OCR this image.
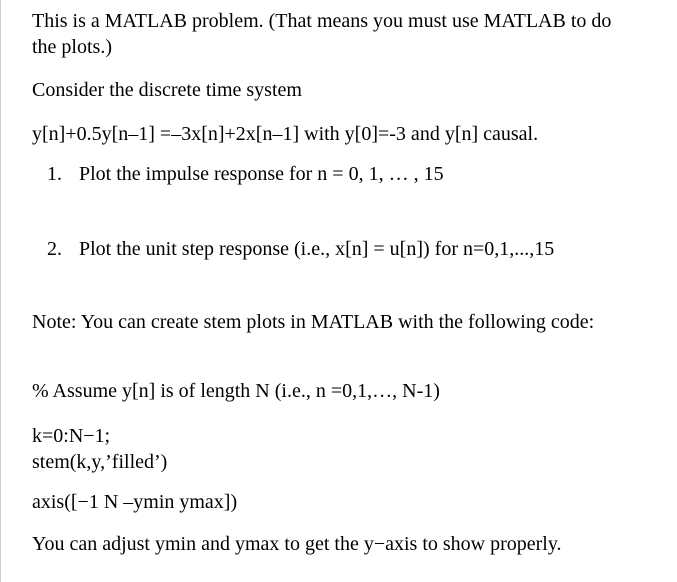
This is a MATLAB problem. (That means you must use MATLAB to do
the plots.)
Consider the discrete time system
y[n]+0.5y[n–1] =–3x[n]+2x[n–1] with y[0]=-3 and y[n] causal.
1. Plot the impulse response for n = 0, 1, … , 15
2. Plot the unit step response (i.e., x[n] = u[n]) for n=0,1,...,15
Note: You can create stem plots in MATLAB with the following code:
% Assume y[n] is of length N (i.e., n =0,1,…, N-1)
k=0:N−1;
stem(k,y,’filled’)
axis([−1 N –ymin ymax])
You can adjust ymin and ymax to get the y−axis to show properly.
